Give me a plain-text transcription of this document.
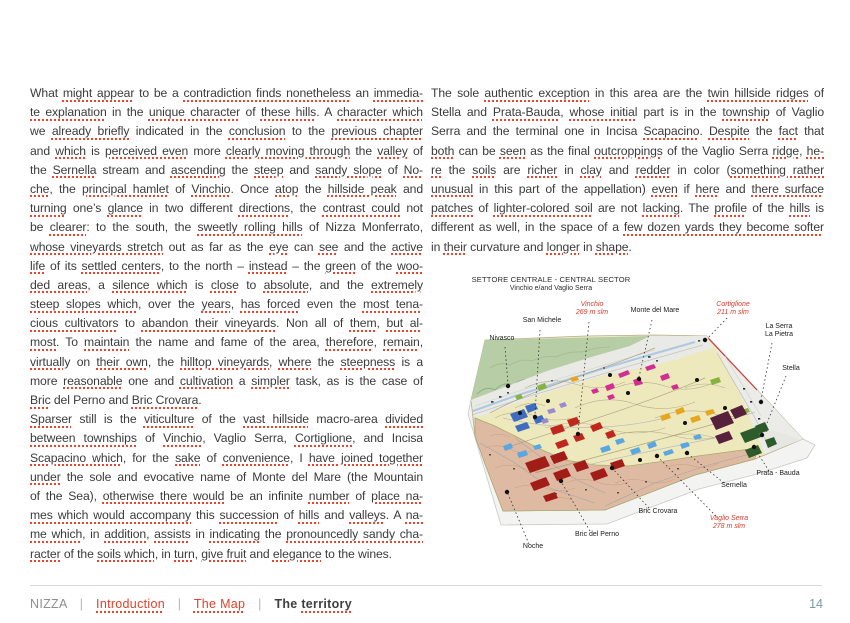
What might appear to be a contradiction finds nonetheless an immedia-
te explanation in the unique character of these hills. A character which
we already briefly indicated in the conclusion to the previous chapter
and which is perceived even more clearly moving through the valley of
the Sernella stream and ascending the steep and sandy slope of No-
che, the principal hamlet of Vinchio. Once atop the hillside peak and
turning one’s glance in two different directions, the contrast could not
be clearer: to the south, the sweetly rolling hills of Nizza Monferrato,
whose vineyards stretch out as far as the eye can see and the active
life of its settled centers, to the north – instead – the green of the woo-
ded areas, a silence which is close to absolute, and the extremely
steep slopes which, over the years, has forced even the most tena-
cious cultivators to abandon their vineyards. Non all of them, but al-
most. To maintain the name and fame of the area, therefore, remain,
virtually on their own, the hilltop vineyards, where the steepness is a
more reasonable one and cultivation a simpler task, as is the case of
Bric del Perno and Bric Crovara.
Sparser still is the viticulture of the vast hillside macro-area divided
between townships of Vinchio, Vaglio Serra, Cortiglione, and Incisa
Scapacino which, for the sake of convenience, I have joined together
under the sole and evocative name of Monte del Mare (the Mountain
of the Sea), otherwise there would be an infinite number of place na-
mes which would accompany this succession of hills and valleys. A na-
me which, in addition, assists in indicating the pronouncedly sandy cha-
racter of the soils which, in turn, give fruit and elegance to the wines.
The sole authentic exception in this area are the twin hillside ridges of
Stella and Prata-Bauda, whose initial part is in the township of Vaglio
Serra and the terminal one in Incisa Scapacino. Despite the fact that
both can be seen as the final outcroppings of the Vaglio Serra ridge, he-
re the soils are richer in clay and redder in color (something rather
unusual in this part of the appellation) even if here and there surface
patches of lighter-colored soil are not lacking. The profile of the hills is
different as well, in the space of a few dozen yards they become softer
in their curvature and longer in shape.
SETTORE CENTRALE - CENTRAL SECTOR
Vinchio e/and Vaglio Serra
Nivasco
San Michele
Vinchio
269 m slm	Monte del Mare
Cortiglione
211 m slm
La Serra
La Pietra
Stella
Prata - Bauda
Sernella
Bric Crovara
Vaglio Serra
278 m slm
Bric del Perno
Noche
NIZZA | Introduction | The Map | The territory	14
